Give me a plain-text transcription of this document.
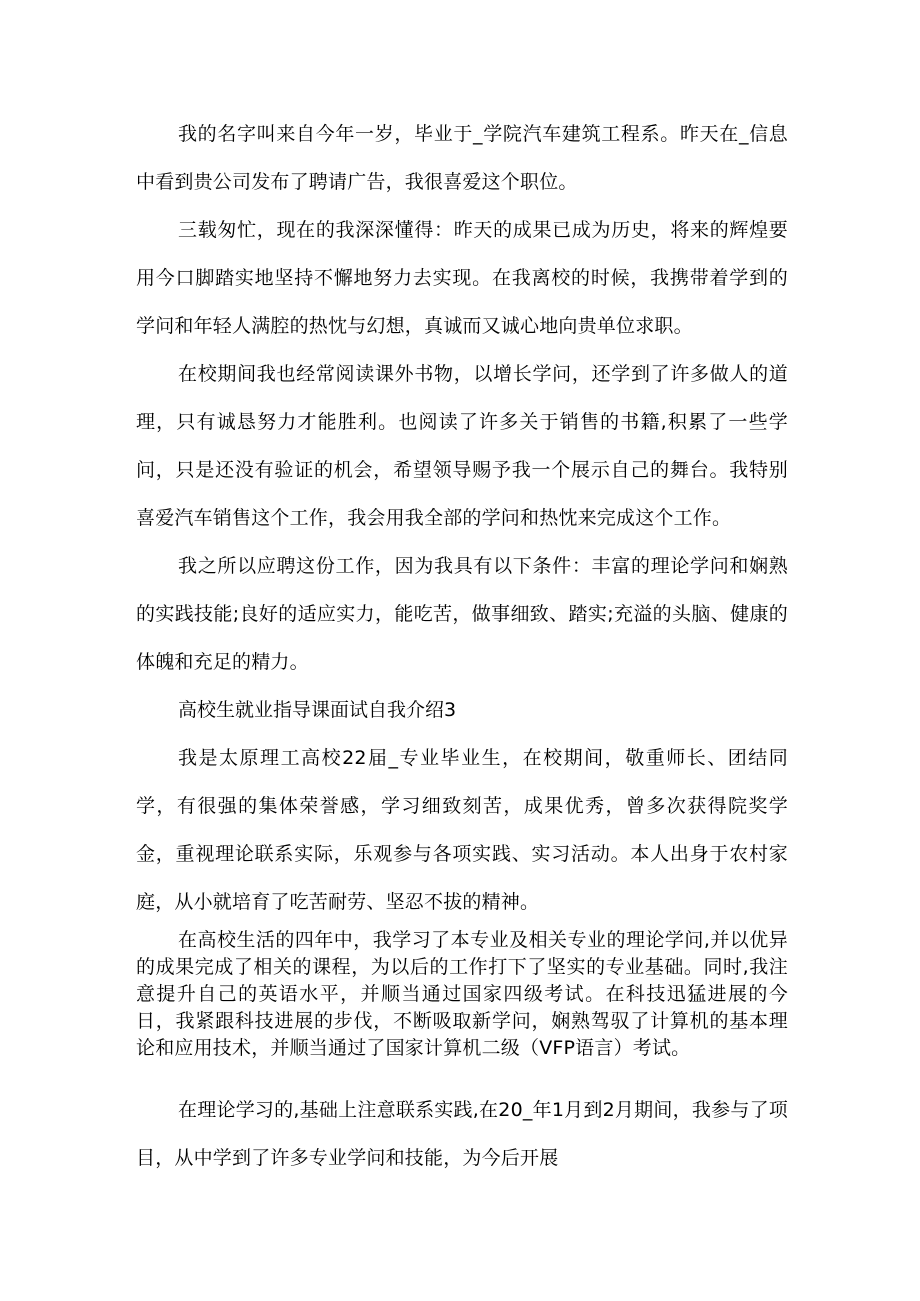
我的名字叫来自今年一岁，毕业于_学院汽车建筑工程系。昨天在_信息中看到贵公司发布了聘请广告，我很喜爱这个职位。

三载匆忙，现在的我深深懂得：昨天的成果已成为历史，将来的辉煌要用今口脚踏实地坚持不懈地努力去实现。在我离校的时候，我携带着学到的学问和年轻人满腔的热忱与幻想，真诚而又诚心地向贵单位求职。

在校期间我也经常阅读课外书物，以增长学问，还学到了许多做人的道理，只有诚恳努力才能胜利。也阅读了许多关于销售的书籍,积累了一些学问，只是还没有验证的机会，希望领导赐予我一个展示自己的舞台。我特别喜爱汽车销售这个工作，我会用我全部的学问和热忱来完成这个工作。

我之所以应聘这份工作，因为我具有以下条件：丰富的理论学问和娴熟的实践技能;良好的适应实力，能吃苦，做事细致、踏实;充溢的头脑、健康的体魄和充足的精力。

高校生就业指导课面试自我介绍3

我是太原理工高校22届_专业毕业生，在校期间，敬重师长、团结同学，有很强的集体荣誉感，学习细致刻苦，成果优秀，曾多次获得院奖学金，重视理论联系实际，乐观参与各项实践、实习活动。本人出身于农村家庭，从小就培育了吃苦耐劳、坚忍不拔的精神。

在高校生活的四年中，我学习了本专业及相关专业的理论学问,并以优异的成果完成了相关的课程，为以后的工作打下了坚实的专业基础。同时,我注意提升自己的英语水平，并顺当通过国家四级考试。在科技迅猛进展的今日，我紧跟科技进展的步伐，不断吸取新学问，娴熟驾驭了计算机的基本理论和应用技术，并顺当通过了国家计算机二级（VFP语言）考试。

在理论学习的,基础上注意联系实践,在20_年1月到2月期间，我参与了项目，从中学到了许多专业学问和技能，为今后开展
